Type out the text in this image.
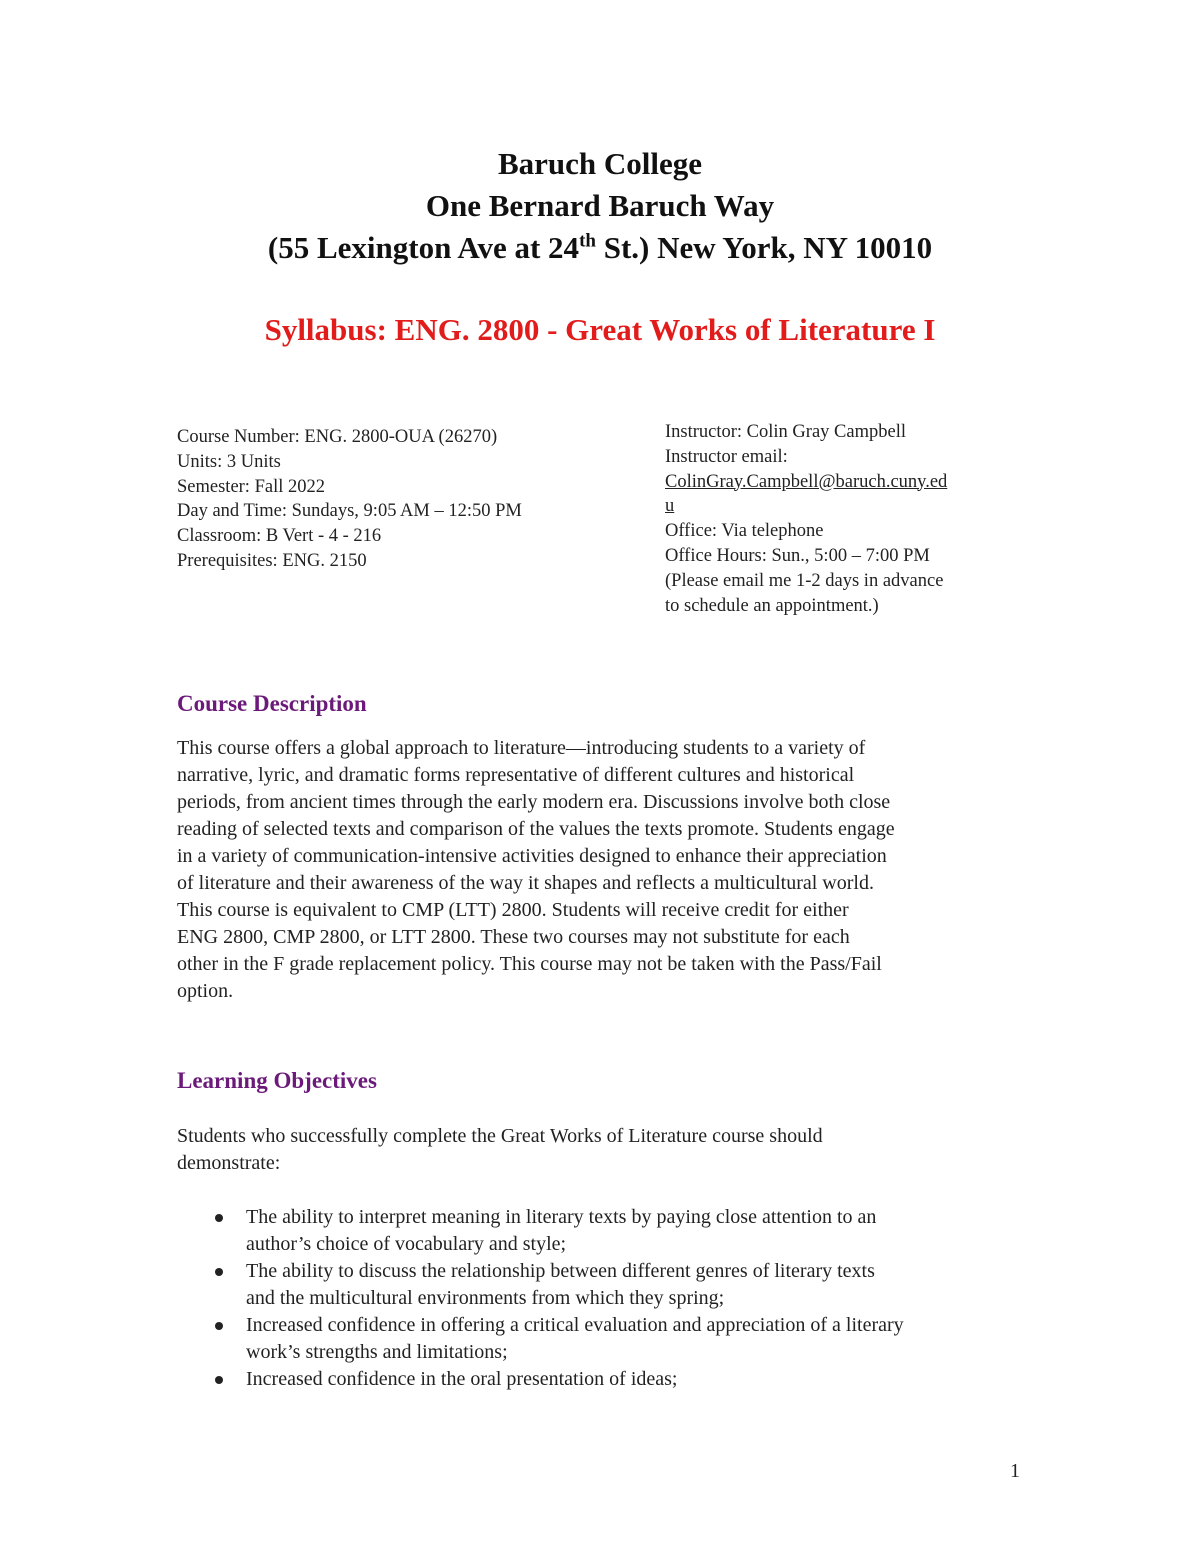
Baruch College
One Bernard Baruch Way
(55 Lexington Ave at 24th St.) New York, NY 10010
Syllabus: ENG. 2800 - Great Works of Literature I
Course Number: ENG. 2800-OUA (26270)
Units: 3 Units
Semester: Fall 2022
Day and Time: Sundays, 9:05 AM – 12:50 PM
Classroom: B Vert - 4 - 216
Prerequisites: ENG. 2150
Instructor: Colin Gray Campbell
Instructor email:
ColinGray.Campbell@baruch.cuny.ed
u
Office: Via telephone
Office Hours: Sun., 5:00 – 7:00 PM
(Please email me 1-2 days in advance
to schedule an appointment.)
Course Description
This course offers a global approach to literature—introducing students to a variety of
narrative, lyric, and dramatic forms representative of different cultures and historical
periods, from ancient times through the early modern era. Discussions involve both close
reading of selected texts and comparison of the values the texts promote. Students engage
in a variety of communication-intensive activities designed to enhance their appreciation
of literature and their awareness of the way it shapes and reflects a multicultural world.
This course is equivalent to CMP (LTT) 2800. Students will receive credit for either
ENG 2800, CMP 2800, or LTT 2800. These two courses may not substitute for each
other in the F grade replacement policy. This course may not be taken with the Pass/Fail
option.
Learning Objectives
Students who successfully complete the Great Works of Literature course should
demonstrate:
The ability to interpret meaning in literary texts by paying close attention to an
author’s choice of vocabulary and style;
The ability to discuss the relationship between different genres of literary texts
and the multicultural environments from which they spring;
Increased confidence in offering a critical evaluation and appreciation of a literary
work’s strengths and limitations;
Increased confidence in the oral presentation of ideas;
1
